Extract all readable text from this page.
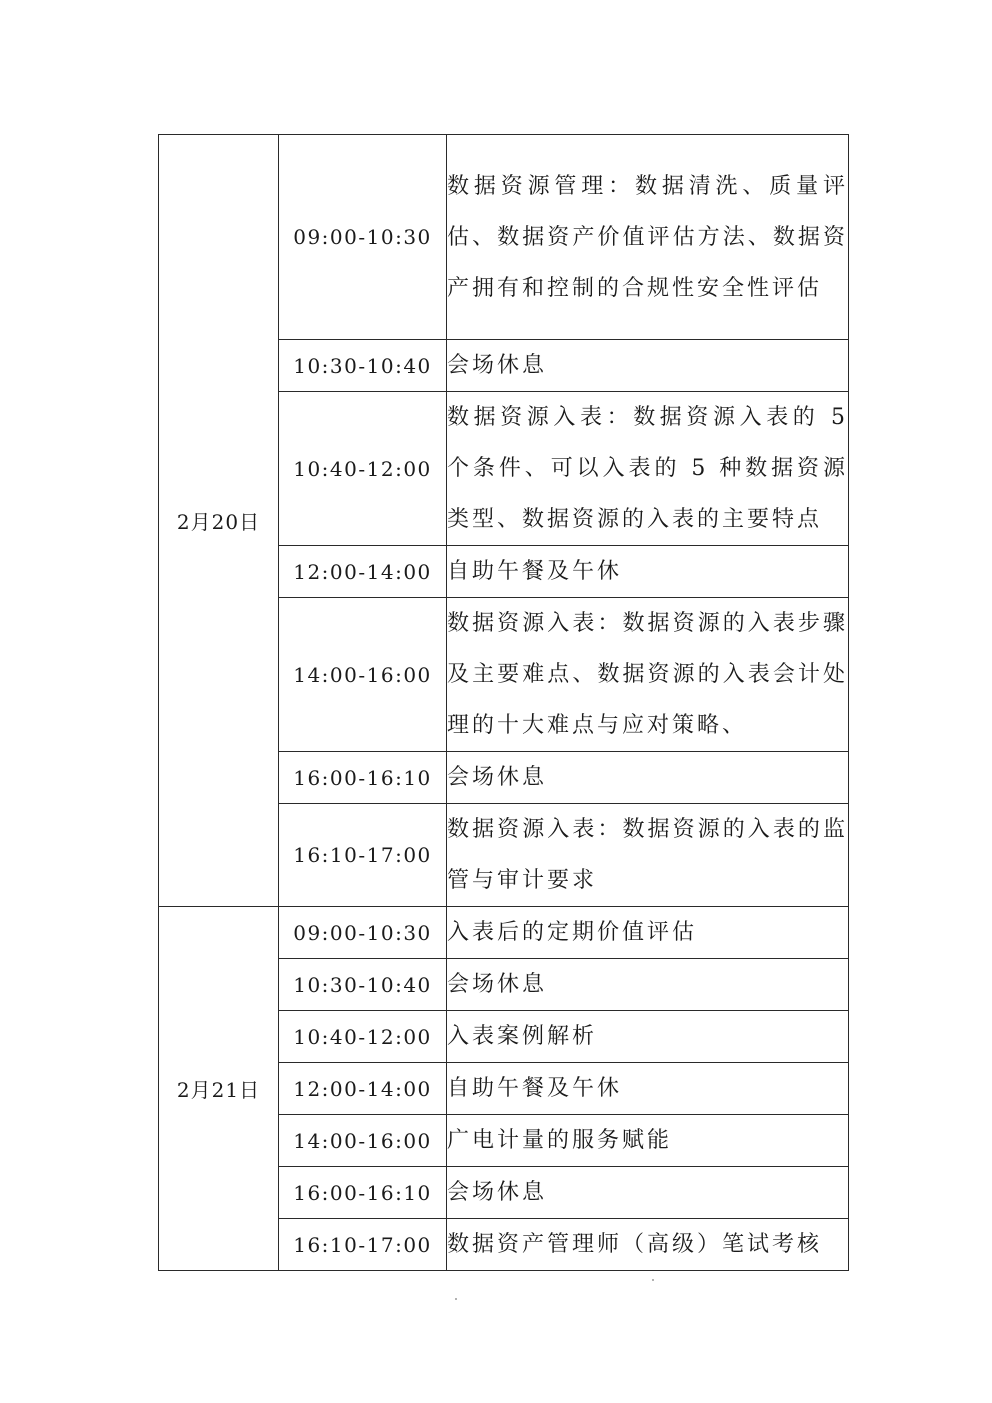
2月20日	09:00-10:30	数据资源管理：数据清洗、质量评估、数据资产价值评估方法、数据资产拥有和控制的合规性安全性评估
	10:30-10:40	会场休息
	10:40-12:00	数据资源入表：数据资源入表的 5 个条件、可以入表的 5 种数据资源类型、数据资源的入表的主要特点
	12:00-14:00	自助午餐及午休
	14:00-16:00	数据资源入表：数据资源的入表步骤及主要难点、数据资源的入表会计处理的十大难点与应对策略、
	16:00-16:10	会场休息
	16:10-17:00	数据资源入表：数据资源的入表的监管与审计要求
2月21日	09:00-10:30	入表后的定期价值评估
	10:30-10:40	会场休息
	10:40-12:00	入表案例解析
	12:00-14:00	自助午餐及午休
	14:00-16:00	广电计量的服务赋能
	16:00-16:10	会场休息
	16:10-17:00	数据资产管理师（高级）笔试考核
